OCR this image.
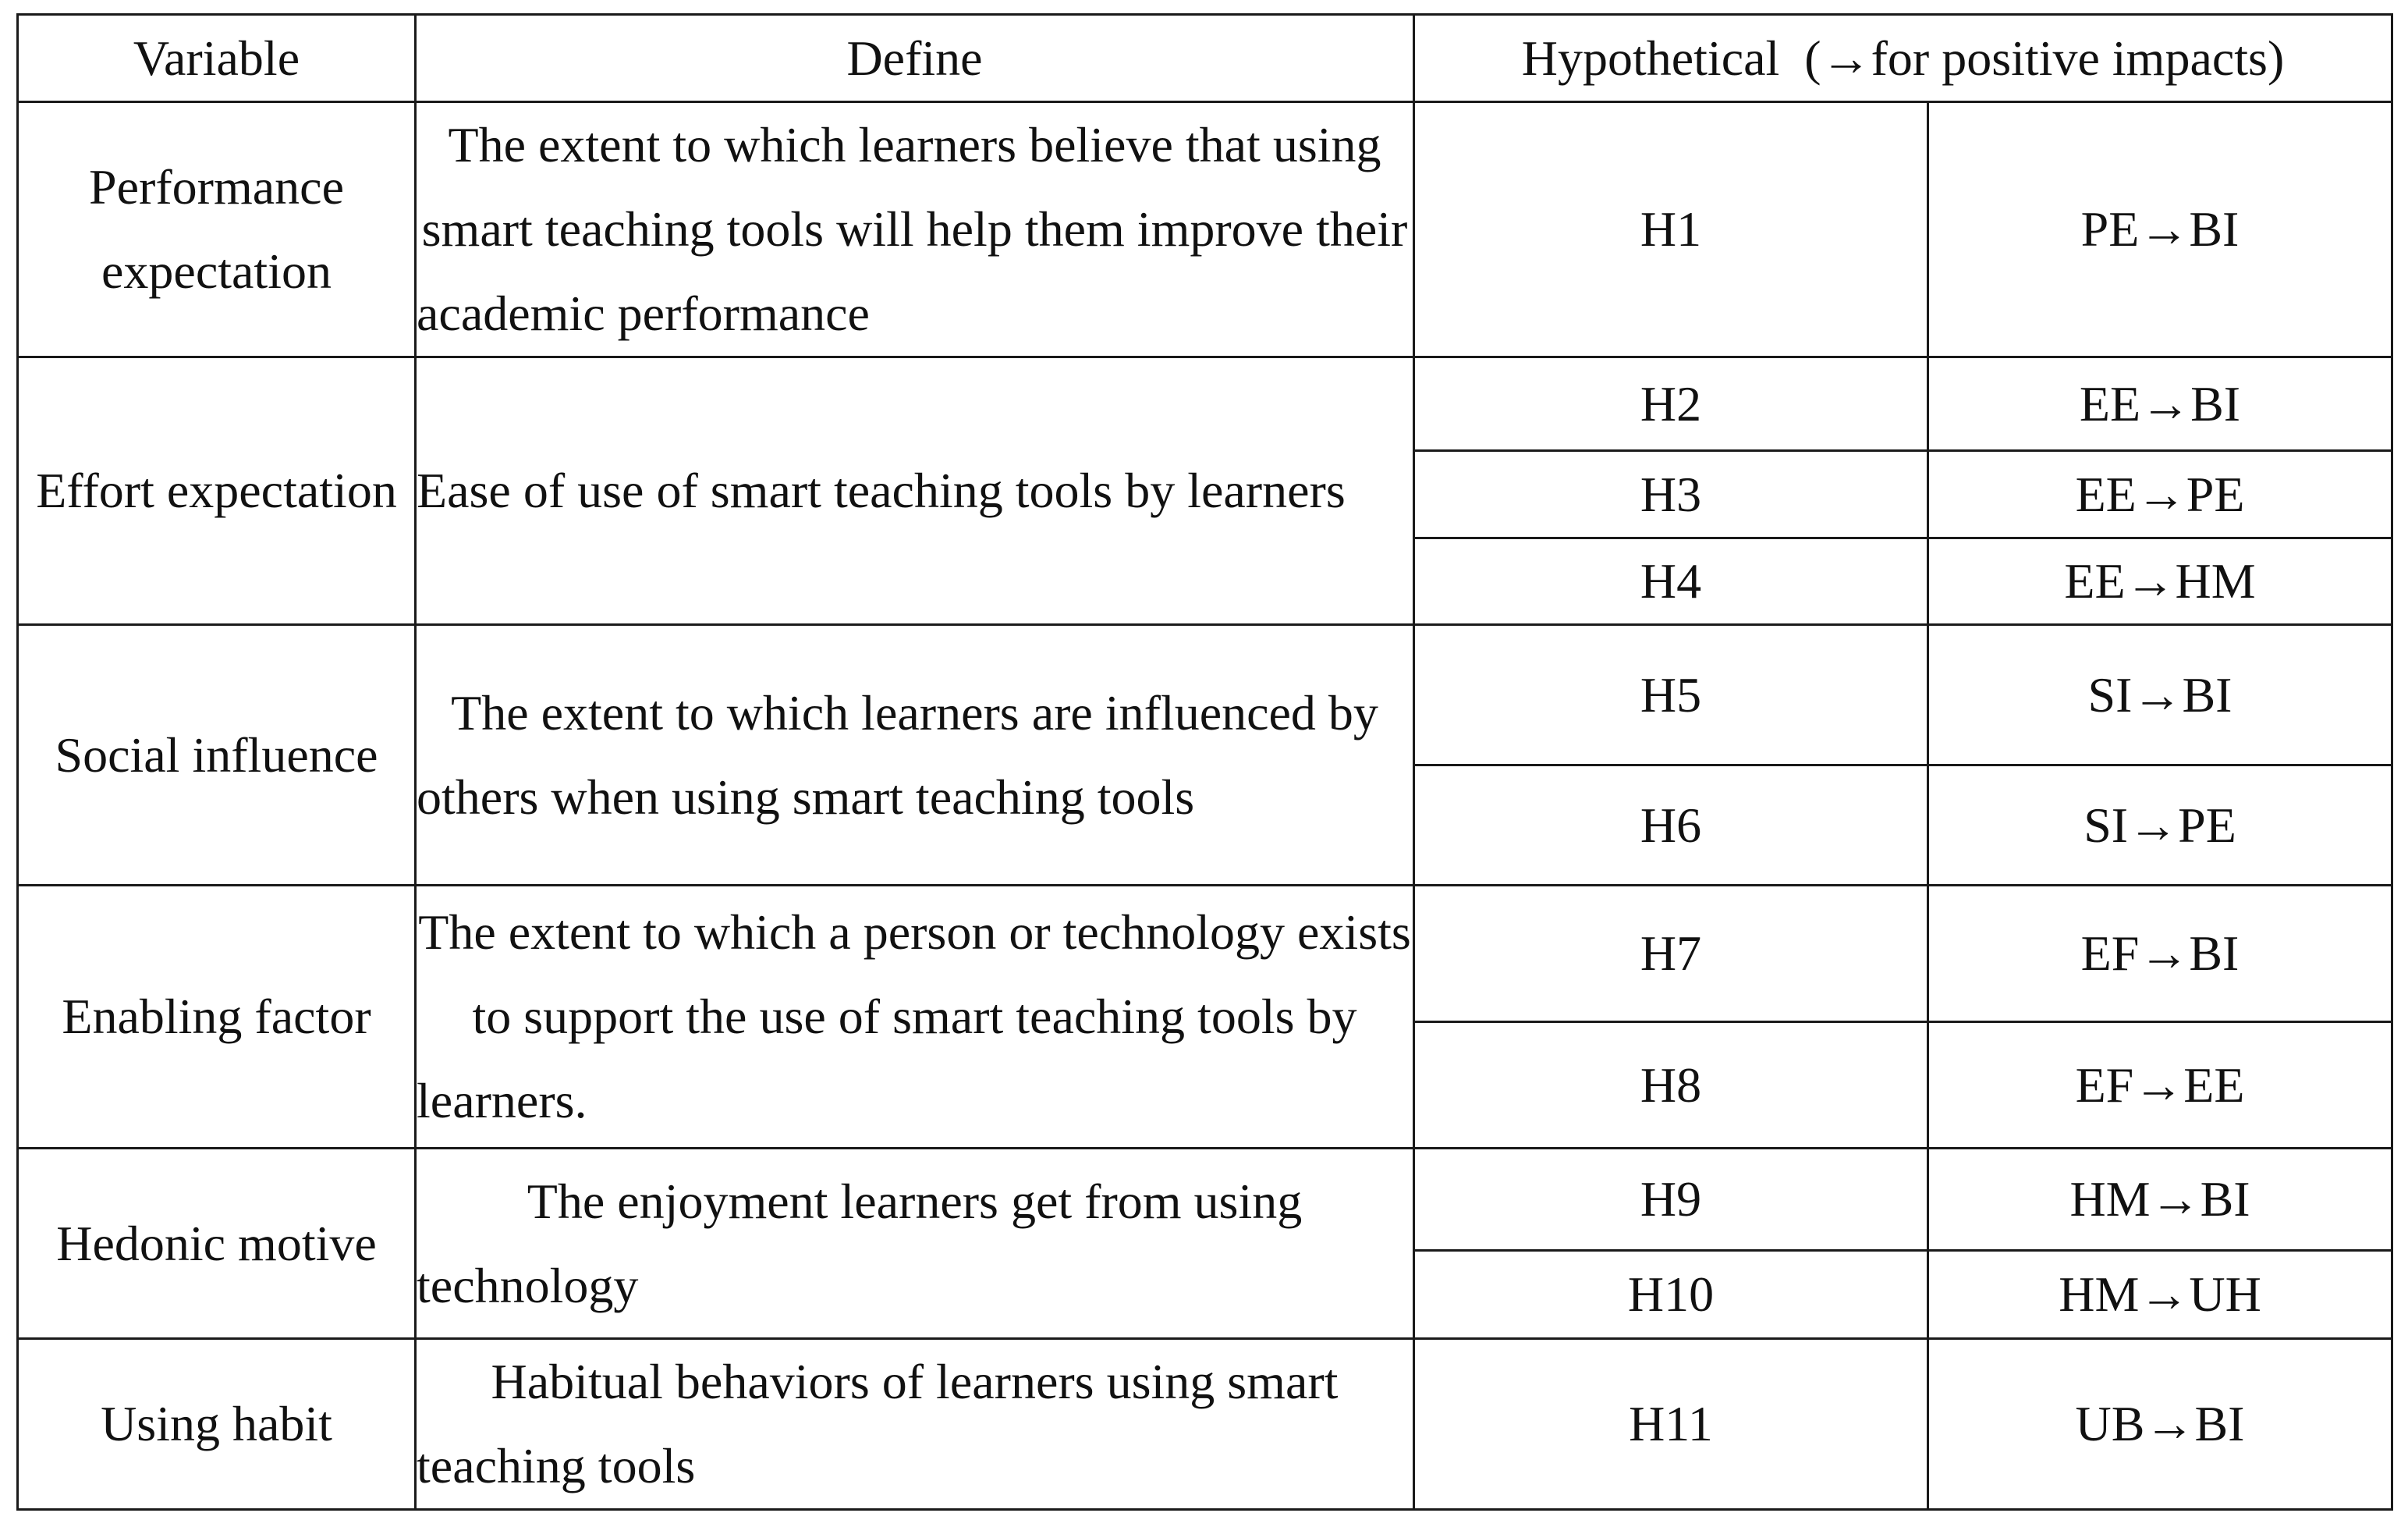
Variable	Define	Hypothetical  (→for positive impacts)	
Performance expectation	The extent to which learners believe that using smart teaching tools will help them improve their academic performance	H1	PE→BI
Effort expectation	Ease of use of smart teaching tools by learners	H2	EE→BI
		H3	EE→PE
		H4	EE→HM
Social influence	The extent to which learners are influenced by others when using smart teaching tools	H5	SI→BI
		H6	SI→PE
Enabling factor	The extent to which a person or technology exists to support the use of smart teaching tools by learners.	H7	EF→BI
		H8	EF→EE
Hedonic motive	The enjoyment learners get from using technology	H9	HM→BI
		H10	HM→UH
Using habit	Habitual behaviors of learners using smart teaching tools	H11	UB→BI
